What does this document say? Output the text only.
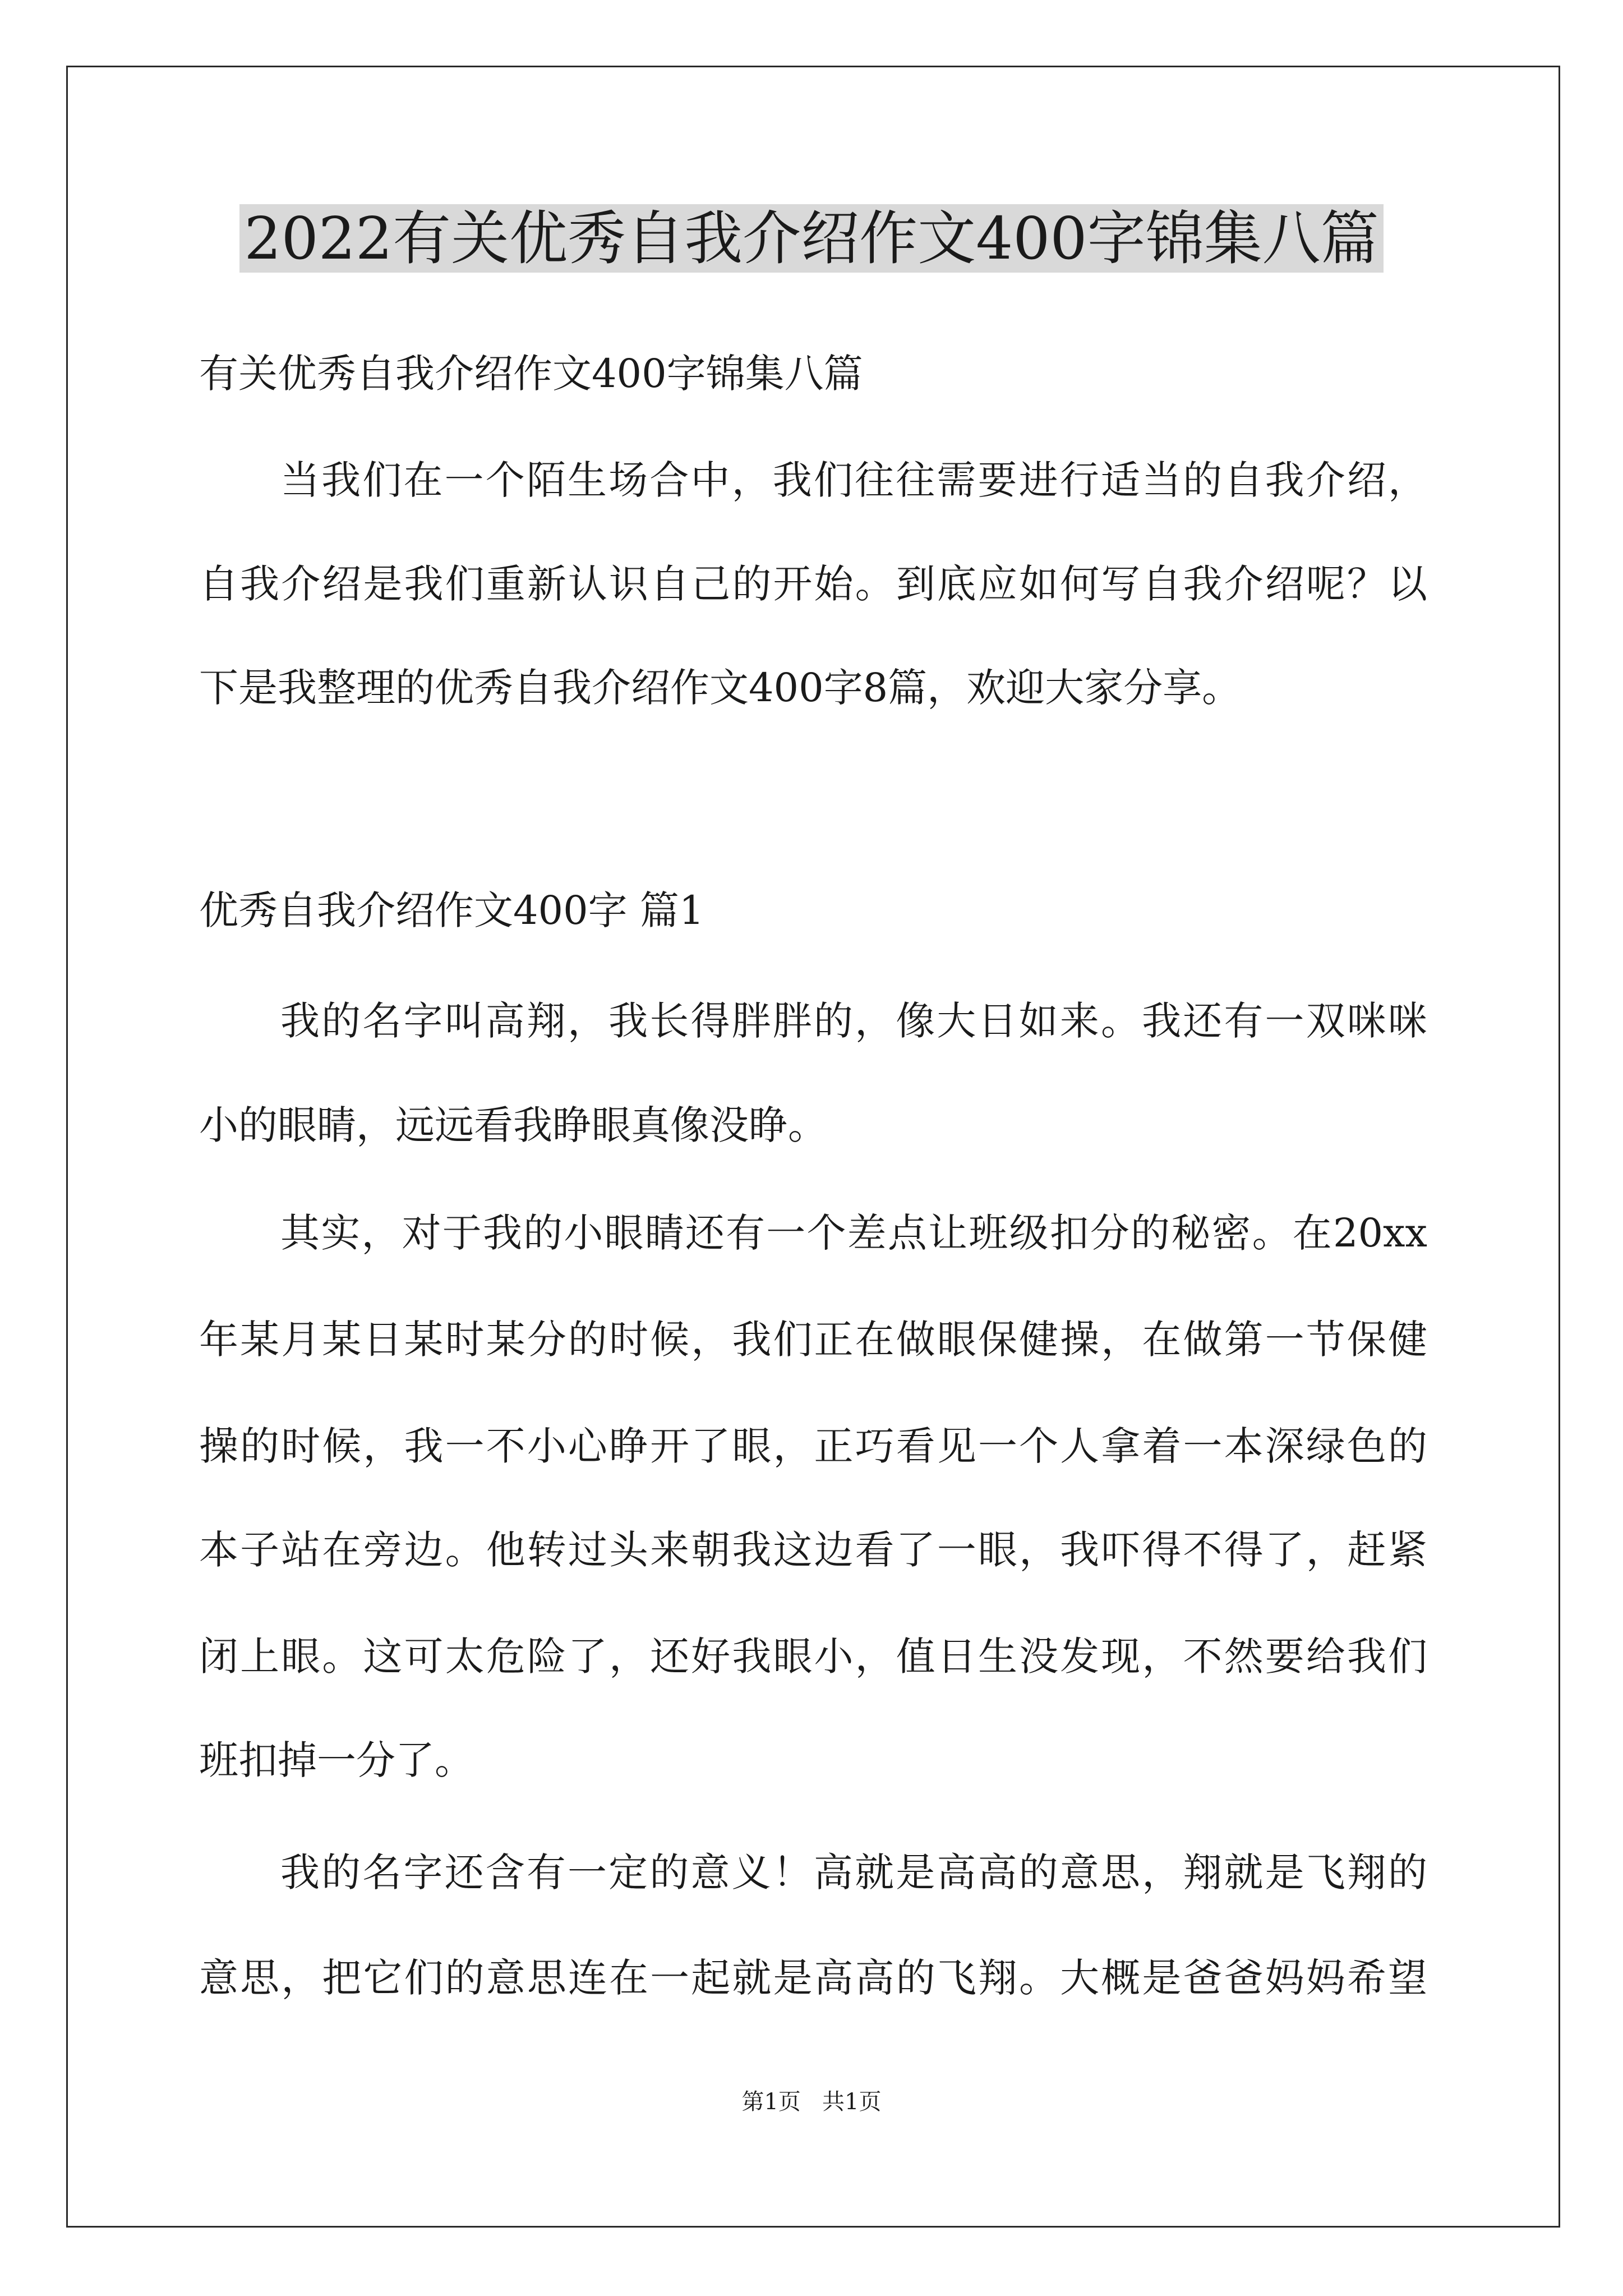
2022有关优秀自我介绍作文400字锦集八篇
有关优秀自我介绍作文400字锦集八篇
当我们在一个陌生场合中，我们往往需要进行适当的自我介绍，
自我介绍是我们重新认识自己的开始。到底应如何写自我介绍呢？以
下是我整理的优秀自我介绍作文400字8篇，欢迎大家分享。
优秀自我介绍作文400字 篇1
我的名字叫高翔，我长得胖胖的，像大日如来。我还有一双咪咪
小的眼睛，远远看我睁眼真像没睁。
其实，对于我的小眼睛还有一个差点让班级扣分的秘密。在20xx
年某月某日某时某分的时候，我们正在做眼保健操，在做第一节保健
操的时候，我一不小心睁开了眼，正巧看见一个人拿着一本深绿色的
本子站在旁边。他转过头来朝我这边看了一眼，我吓得不得了，赶紧
闭上眼。这可太危险了，还好我眼小，值日生没发现，不然要给我们
班扣掉一分了。
我的名字还含有一定的意义！高就是高高的意思，翔就是飞翔的
意思，把它们的意思连在一起就是高高的飞翔。大概是爸爸妈妈希望
第1页   共1页
